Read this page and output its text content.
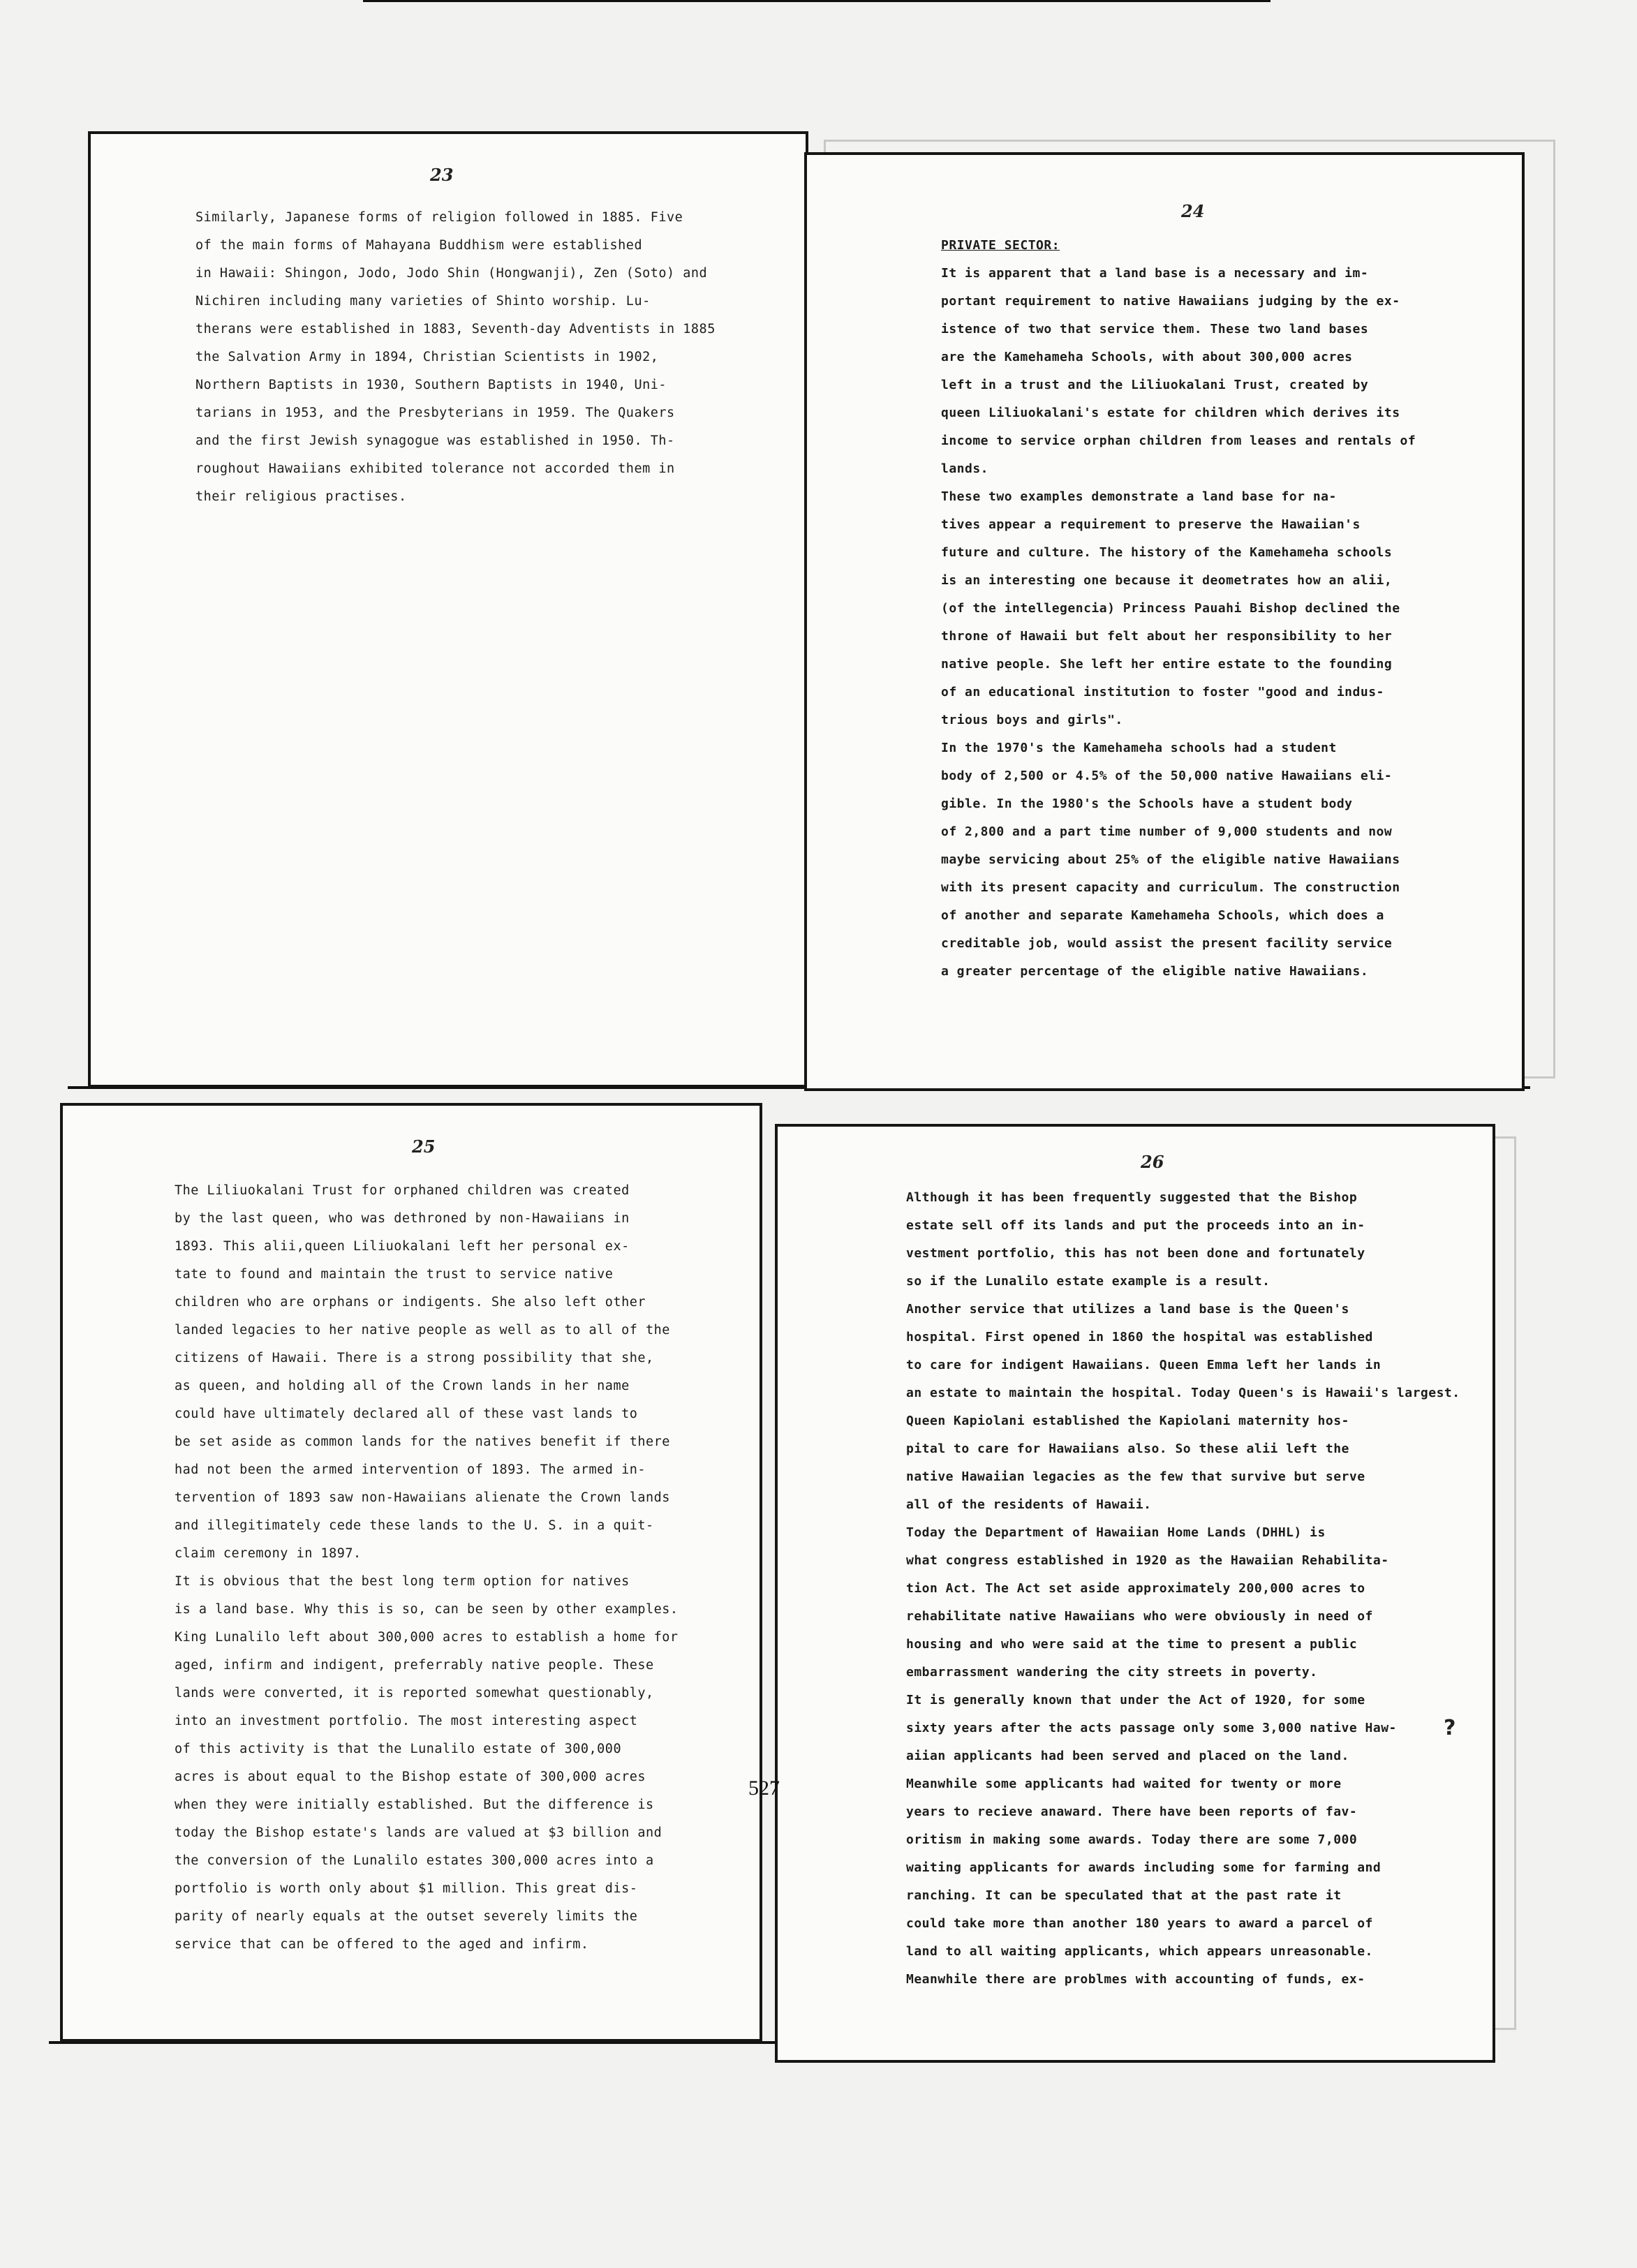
23
Similarly, Japanese forms of religion followed in 1885. Five
of the main forms of Mahayana Buddhism were established
in Hawaii: Shingon, Jodo, Jodo Shin (Hongwanji), Zen (Soto) and
Nichiren including many varieties of Shinto worship. Lu-
therans were established in 1883, Seventh-day Adventists in 1885
the Salvation Army in 1894, Christian Scientists in 1902,
Northern Baptists in 1930, Southern Baptists in 1940, Uni-
tarians in 1953, and the Presbyterians in 1959. The Quakers
and the first Jewish synagogue was established in 1950. Th-
roughout Hawaiians exhibited tolerance not accorded them in
their religious practises.
24
PRIVATE SECTOR:
It is apparent that a land base is a necessary and im-
portant requirement to native Hawaiians judging by the ex-
istence of two that service them. These two land bases
are the Kamehameha Schools, with about 300,000 acres
left in a trust and the Liliuokalani Trust, created by
queen Liliuokalani's estate for children which derives its
income to service orphan children from leases and rentals of
lands.
These two examples demonstrate a land base for na-
tives appear a requirement to preserve the Hawaiian's
future and culture. The history of the Kamehameha schools
is an interesting one because it deometrates how an alii,
(of the intellegencia) Princess Pauahi Bishop declined the
throne of Hawaii but felt about her responsibility to her
native people. She left her entire estate to the founding
of an educational institution to foster "good and indus-
trious boys and girls".
In the 1970's the Kamehameha schools had a student
body of 2,500 or 4.5% of the 50,000 native Hawaiians eli-
gible. In the 1980's the Schools have a student body
of 2,800 and a part time number of 9,000 students and now
maybe servicing about 25% of the eligible native Hawaiians
with its present capacity and curriculum. The construction
of another and separate Kamehameha Schools, which does a
creditable job, would assist the present facility service
a greater percentage of the eligible native Hawaiians.
25
The Liliuokalani Trust for orphaned children was created
by the last queen, who was dethroned by non-Hawaiians in
1893. This alii,queen Liliuokalani left her personal ex-
tate to found and maintain the trust to service native
children who are orphans or indigents. She also left other
landed legacies to her native people as well as to all of the
citizens of Hawaii. There is a strong possibility that she,
as queen, and holding all of the Crown lands in her name
could have ultimately declared all of these vast lands to
be set aside as common lands for the natives benefit if there
had not been the armed intervention of 1893. The armed in-
tervention of 1893 saw non-Hawaiians alienate the Crown lands
and illegitimately cede these lands to the U. S. in a quit-
claim ceremony in 1897.
It is obvious that the best long term option for natives
is a land base. Why this is so, can be seen by other examples.
King Lunalilo left about 300,000 acres to establish a home for
aged, infirm and indigent, preferrably native people. These
lands were converted, it is reported somewhat questionably,
into an investment portfolio. The most interesting aspect
of this activity is that the Lunalilo estate of 300,000
acres is about equal to the Bishop estate of 300,000 acres
when they were initially established. But the difference is
today the Bishop estate's lands are valued at $3 billion and
the conversion of the Lunalilo estates 300,000 acres into a
portfolio is worth only about $1 million. This great dis-
parity of nearly equals at the outset severely limits the
service that can be offered to the aged and infirm.
26
Although it has been frequently suggested that the Bishop
estate sell off its lands and put the proceeds into an in-
vestment portfolio, this has not been done and fortunately
so if the Lunalilo estate example is a result.
Another service that utilizes a land base is the Queen's
hospital. First opened in 1860 the hospital was established
to care for indigent Hawaiians. Queen Emma left her lands in
an estate to maintain the hospital. Today Queen's is Hawaii's largest.
Queen Kapiolani established the Kapiolani maternity hos-
pital to care for Hawaiians also. So these alii left the
native Hawaiian legacies as the few that survive but serve
all of the residents of Hawaii.
Today the Department of Hawaiian Home Lands (DHHL) is
what congress established in 1920 as the Hawaiian Rehabilita-
tion Act. The Act set aside approximately 200,000 acres to
rehabilitate native Hawaiians who were obviously in need of
housing and who were said at the time to present a public
embarrassment wandering the city streets in poverty.
It is generally known that under the Act of 1920, for some
sixty years after the acts passage only some 3,000 native Haw-
aiian applicants had been served and placed on the land.
Meanwhile some applicants had waited for twenty or more
years to recieve anaward. There have been reports of fav-
oritism in making some awards. Today there are some 7,000
waiting applicants for awards including some for farming and
ranching. It can be speculated that at the past rate it
could take more than another 180 years to award a parcel of
land to all waiting applicants, which appears unreasonable.
Meanwhile there are problmes with accounting of funds, ex-
?
527
